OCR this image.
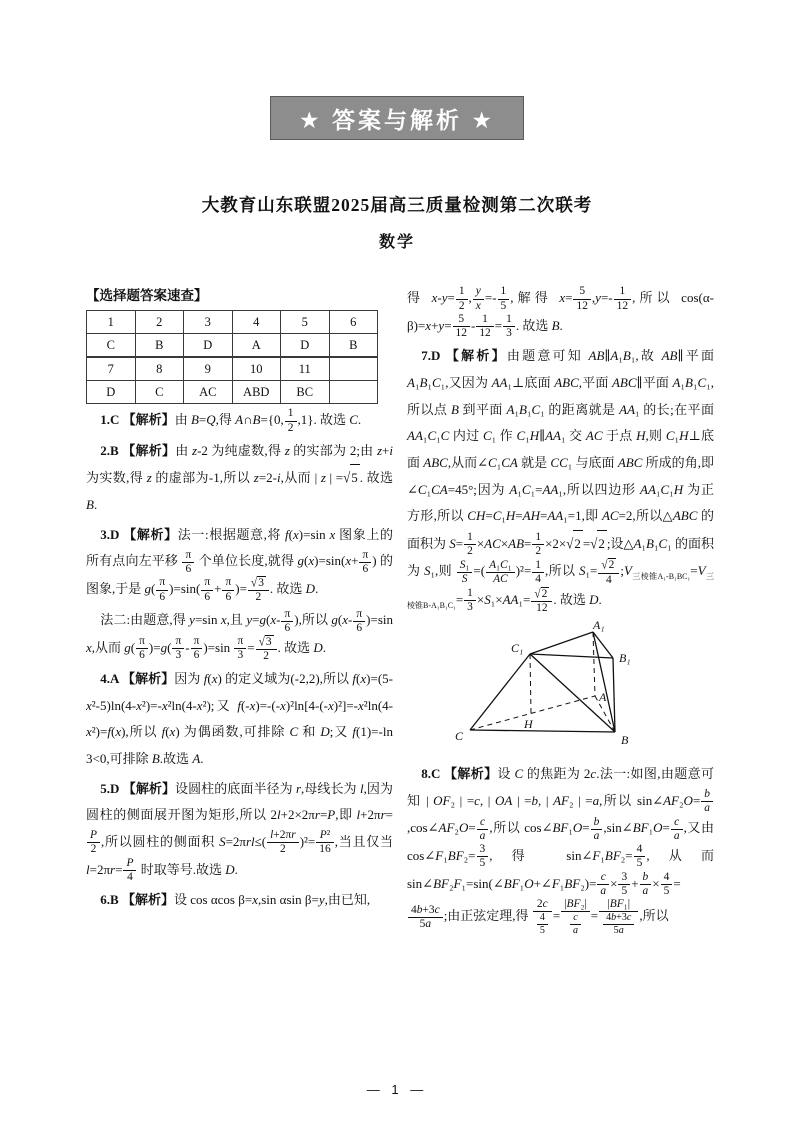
★ 答案与解析 ★
大教育山东联盟2025届高三质量检测第二次联考
数学
【选择题答案速查】
1	2	3	4	5	6
C	B	D	A	D	B
7	8	9	10	11	
D	C	AC	ABD	BC	

1.C 【解析】由 B=Q,得 A∩B={0, $\frac{1}{2} ,1$}. 故选 C.

2.B 【解析】由 z-2 为纯虚数,得 z 的实部为 2;由 z+i 为实数,得 z 的虚部为-1,所以 z=2-i,从而 | z | =√5 . 故选 B.

3.D 【解析】法一:根据题意,将 f(x)=sin x 图象上的所有点向左平移 $\frac{\pi}{6}$ 个单位长度,就得 $g(x)=\sin(x+ \frac{\pi}{6}$ ) 的图象,于是 $g( \frac{\pi}{6} )=\sin( \frac{\pi}{6} + \frac{\pi}{6}$ )= $\frac{√3}{2}$ . 故选 D.

法二:由题意,得 y=sin x,且 $y=g(x- \frac{\pi}{6}$ ),所以 $g(x- \frac{\pi}{6} )=\sin$ x,从而 $g( \frac{\pi}{6} )=g( \frac{\pi}{3} - \frac{\pi}{6} )=\sin \frac{\pi}{3} = \frac{√3}{2}$ . 故选 D.

4.A 【解析】因为 f(x) 的定义域为(-2,2),所以 f(x)=(5-x²-5)ln(4-x²)=-x²ln(4-x²);又 f(-x)=-(-x)²ln[4-(-x)²]=-x²ln(4-x²)=f(x),所以 f(x) 为偶函数,可排除 C 和 D;又 f(1)=-ln 3<0,可排除 B.故选 A.

5.D 【解析】设圆柱的底面半径为 r,母线长为 l,因为圆柱的侧面展开图为矩形,所以 2l+2×2πr=P,即 l+2πr=
$\frac{P}{2}$ ,所以圆柱的侧面积 $S=2\pi rl\le( \frac{l+2\pi r}{2} )^2= \frac{\text{P²}}{16}$ ,当且仅当 $l=2\pi r= \frac{P}{4}$ 时取等号.故选 D.

6.B 【解析】设 cos αcos β=x,sin αsin β=y,由已知,

得 $x-y= \frac{1}{2}$ , $\frac{y}{x} =- \frac{1}{5}$ ,解得 $x= \frac{5}{12} ,y=- \frac{1}{12}$ ,所以 $\cos(\alpha-\beta)=x+y= \frac{5}{12} - \frac{1}{12} = \frac{1}{3}$ . 故选 B.

7.D 【解析】由题意可知 AB∥A₁B₁,故 AB∥平面 A₁B₁C₁,又因为 AA₁⊥底面 ABC,平面 ABC∥平面 A₁B₁C₁,所以点 B 到平面 A₁B₁C₁ 的距离就是 AA₁ 的长;在平面 AA₁C₁C 内过 C₁ 作 C₁H∥AA₁ 交 AC 于点 H,则 C₁H⊥底面 ABC,从而∠C₁CA 就是 CC₁ 与底面 ABC 所成的角,即∠C₁CA=45°;因为 A₁C₁=AA₁,所以四边形 AA₁C₁H 为正方形,所以 CH=C₁H=AH=AA₁=1,即 AC=2,所以△ABC 的面积为 $S= \frac{1}{2} \times AC\times AB= \frac{1}{2} \times 2\times√2 =√2$ ;设△A₁B₁C₁ 的面积为 S₁,则 $\frac{\text{S₁}}{S}$ =( $\frac{\text{A₁C₁}}{AC} )^2= \frac{1}{4}$ ,所以 $S_1= \frac{√2}{4}$ $;V_{三棱锥A_1-B_1BC_1}=V_{三棱锥B-A_1B_1C_1}= \frac{1}{3} \times S_1\times AA_1= \frac{√2}{12}$ . 故选 D.

C₁
A₁
B₁
A
H
C	B

8.C 【解析】设 C 的焦距为 2c.法一:如图,由题意可知 | OF₂ | =c, | OA | =b, | AF₂ | =a,所以 sin∠AF₂O= $\frac{b}{a}$
,cos∠AF₂O= $\frac{c}{a}$ ,所以 cos∠BF₁O= $\frac{b}{a}$ ,sin∠BF₁O= $\frac{c}{a}$ ,又由 cos∠F₁BF₂= $\frac{3}{5}$ ,得 sin∠F₁BF₂= $\frac{4}{5}$ ,从而 sin∠BF₂F₁=sin(∠BF₁O+∠F₁BF₂)= $\frac{c}{a} \times \frac{3}{5} + \frac{b}{a} \times \frac{4}{5}$ =
$\frac{4b+3c}{5a}$ ;由正弦定理,得 $\frac{2c}{\frac{4}{5}} = \frac{\text{|BF₂|}}{\frac{c}{a}} = \frac{\text{|BF₁|}}{\frac{4b+3c}{5a}}$ ,所以

— 1 —
